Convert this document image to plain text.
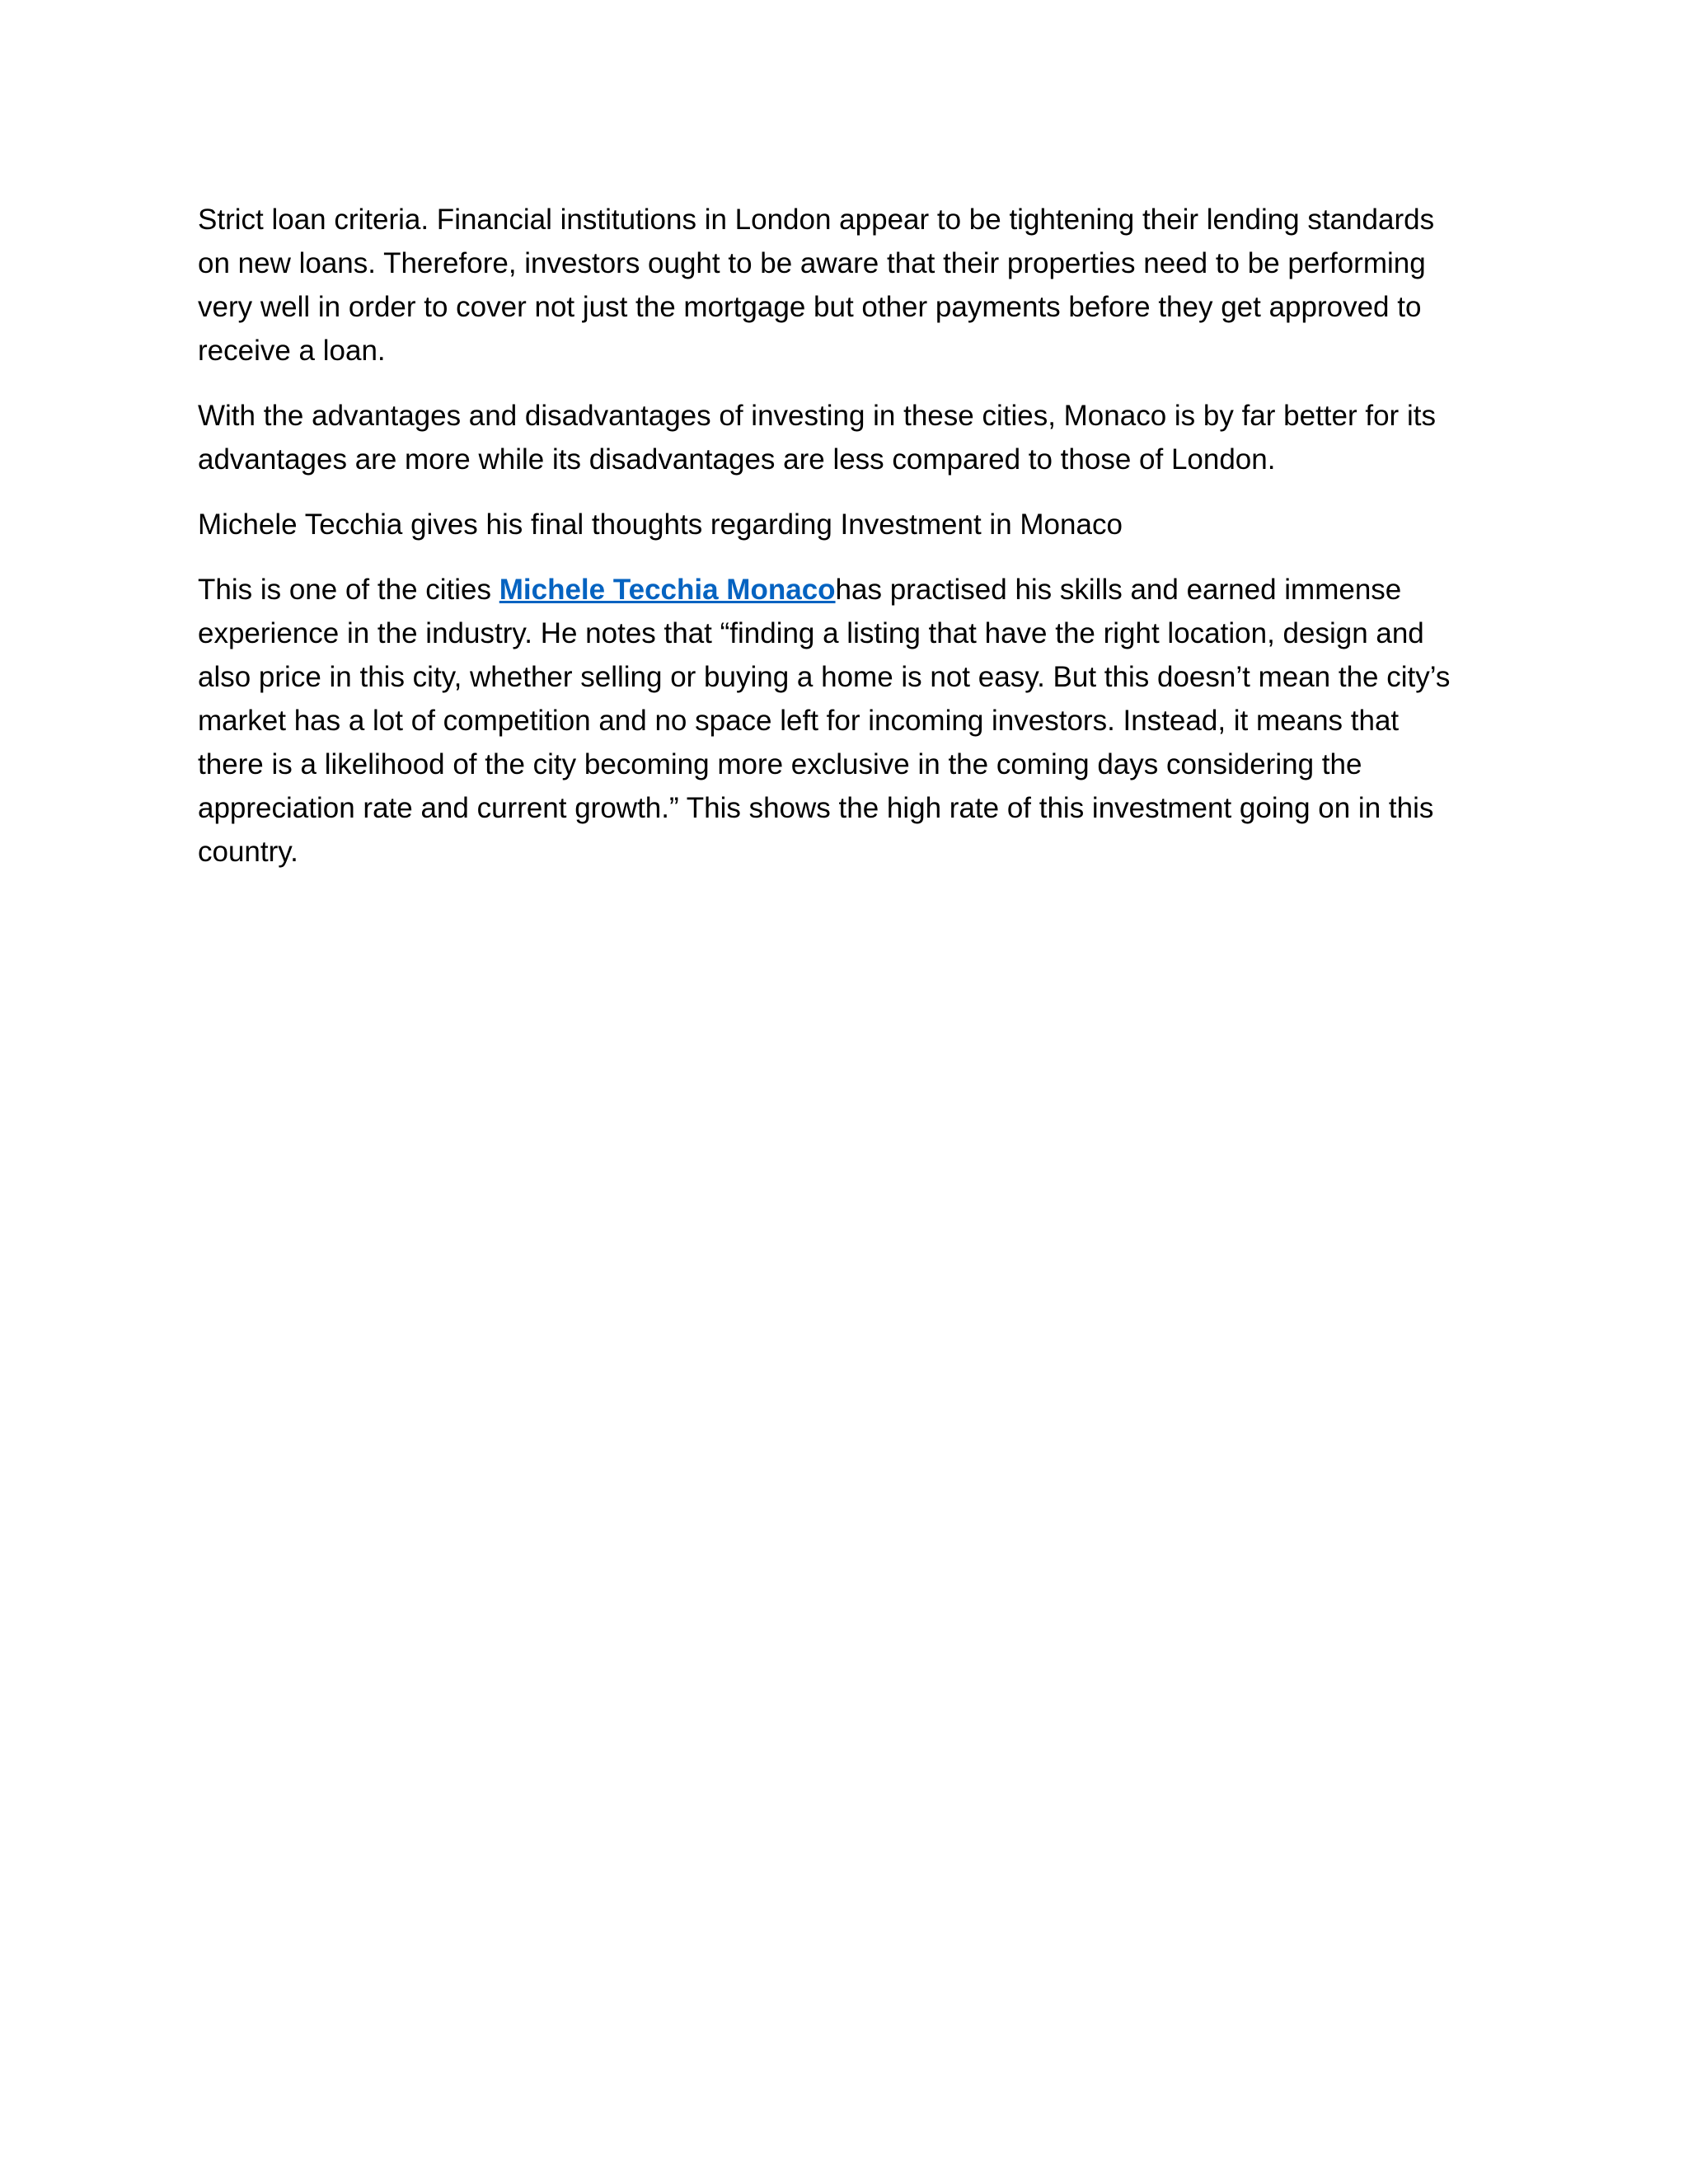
Strict loan criteria. Financial institutions in London appear to be tightening their lending standards on new loans. Therefore, investors ought to be aware that their properties need to be performing very well in order to cover not just the mortgage but other payments before they get approved to receive a loan.

With the advantages and disadvantages of investing in these cities, Monaco is by far better for its advantages are more while its disadvantages are less compared to those of London.

Michele Tecchia gives his final thoughts regarding Investment in Monaco

This is one of the cities Michele Tecchia Monacohas practised his skills and earned immense experience in the industry. He notes that “finding a listing that have the right location, design and also price in this city, whether selling or buying a home is not easy. But this doesn’t mean the city’s market has a lot of competition and no space left for incoming investors. Instead, it means that there is a likelihood of the city becoming more exclusive in the coming days considering the appreciation rate and current growth.” This shows the high rate of this investment going on in this country.
